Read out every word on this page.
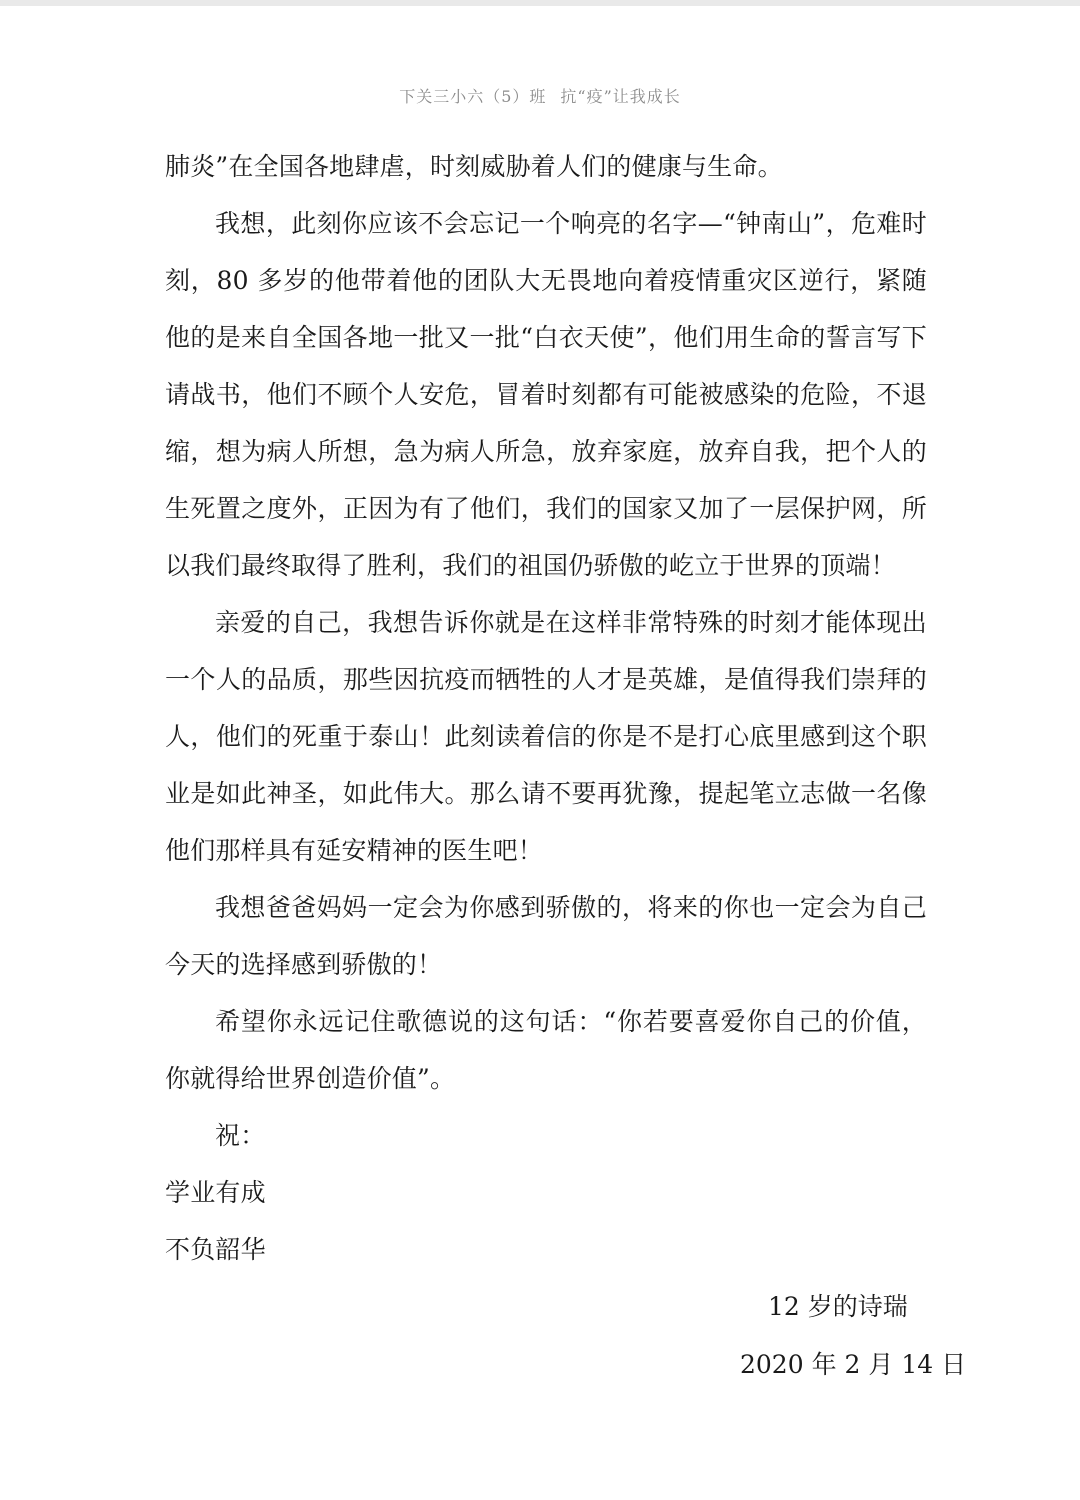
下关三小六（5）班 抗“疫”让我成长

肺炎”在全国各地肆虐，时刻威胁着人们的健康与生命。

我想，此刻你应该不会忘记一个响亮的名字—“钟南山”，危难时刻，80 多岁的他带着他的团队大无畏地向着疫情重灾区逆行，紧随他的是来自全国各地一批又一批“白衣天使”，他们用生命的誓言写下请战书，他们不顾个人安危，冒着时刻都有可能被感染的危险，不退缩，想为病人所想，急为病人所急，放弃家庭，放弃自我，把个人的生死置之度外，正因为有了他们，我们的国家又加了一层保护网，所以我们最终取得了胜利，我们的祖国仍骄傲的屹立于世界的顶端！

亲爱的自己，我想告诉你就是在这样非常特殊的时刻才能体现出一个人的品质，那些因抗疫而牺牲的人才是英雄，是值得我们崇拜的人，他们的死重于泰山！此刻读着信的你是不是打心底里感到这个职业是如此神圣，如此伟大。那么请不要再犹豫，提起笔立志做一名像他们那样具有延安精神的医生吧！

我想爸爸妈妈一定会为你感到骄傲的，将来的你也一定会为自己今天的选择感到骄傲的！

希望你永远记住歌德说的这句话：“你若要喜爱你自己的价值，你就得给世界创造价值”。

祝：

学业有成

不负韶华

12 岁的诗瑞
2020 年 2 月 14 日
